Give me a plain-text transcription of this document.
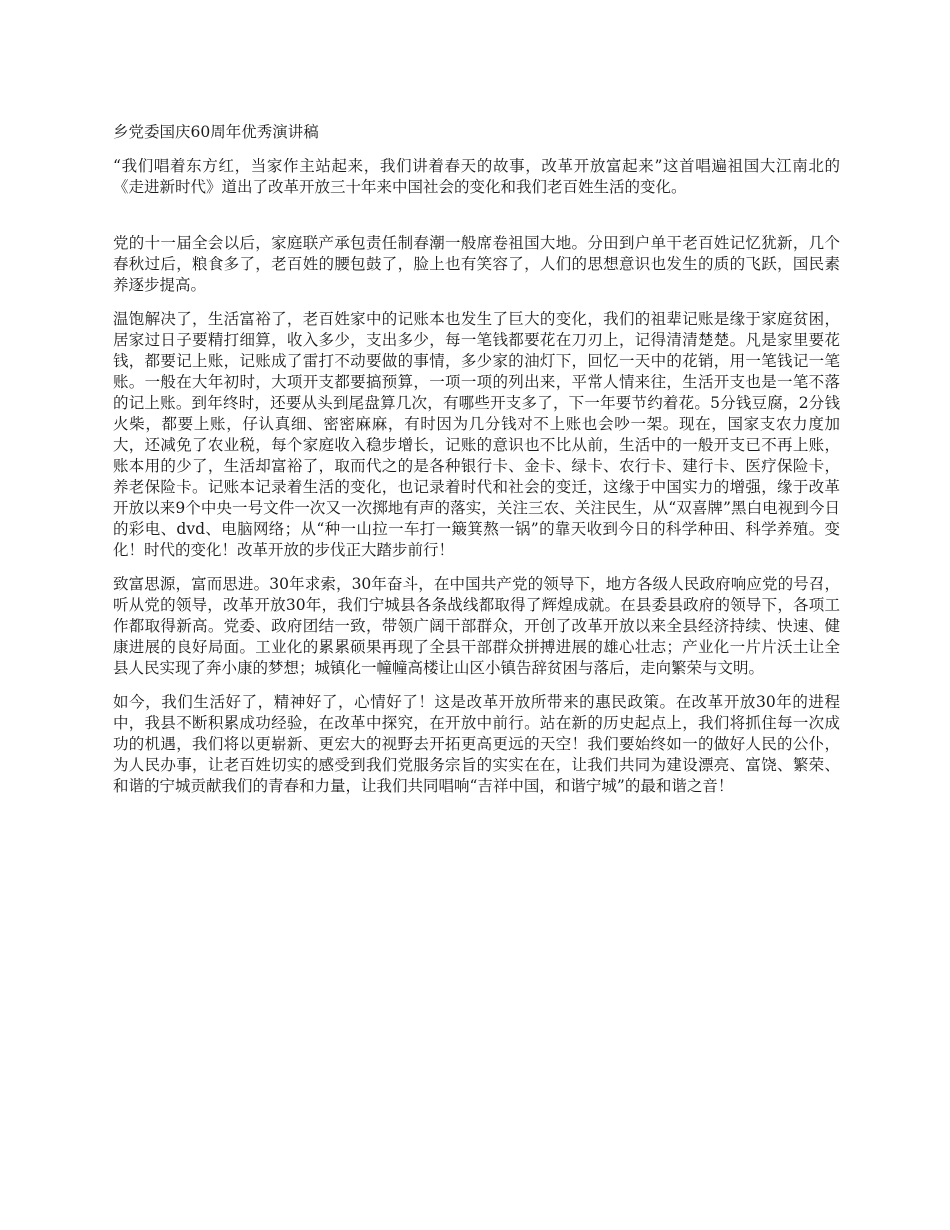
乡党委国庆60周年优秀演讲稿

“我们唱着东方红，当家作主站起来，我们讲着春天的故事，改革开放富起来”这首唱遍祖国大江南北的《走进新时代》道出了改革开放三十年来中国社会的变化和我们老百姓生活的变化。

党的十一届全会以后，家庭联产承包责任制春潮一般席卷祖国大地。分田到户单干老百姓记忆犹新，几个春秋过后，粮食多了，老百姓的腰包鼓了，脸上也有笑容了，人们的思想意识也发生的质的飞跃，国民素养逐步提高。

温饱解决了，生活富裕了，老百姓家中的记账本也发生了巨大的变化，我们的祖辈记账是缘于家庭贫困，居家过日子要精打细算，收入多少，支出多少，每一笔钱都要花在刀刃上，记得清清楚楚。凡是家里要花钱，都要记上账，记账成了雷打不动要做的事情，多少家的油灯下，回忆一天中的花销，用一笔钱记一笔账。一般在大年初时，大项开支都要搞预算，一项一项的列出来，平常人情来往，生活开支也是一笔不落的记上账。到年终时，还要从头到尾盘算几次，有哪些开支多了，下一年要节约着花。5分钱豆腐，2分钱火柴，都要上账，仔认真细、密密麻麻，有时因为几分钱对不上账也会吵一架。现在，国家支农力度加大，还减免了农业税，每个家庭收入稳步增长，记账的意识也不比从前，生活中的一般开支已不再上账，账本用的少了，生活却富裕了，取而代之的是各种银行卡、金卡、绿卡、农行卡、建行卡、医疗保险卡，养老保险卡。记账本记录着生活的变化，也记录着时代和社会的变迁，这缘于中国实力的增强，缘于改革开放以来9个中央一号文件一次又一次掷地有声的落实，关注三农、关注民生，从“双喜牌”黑白电视到今日的彩电、dvd、电脑网络；从“种一山拉一车打一簸箕熬一锅”的靠天收到今日的科学种田、科学养殖。变化！时代的变化！改革开放的步伐正大踏步前行！

致富思源，富而思进。30年求索，30年奋斗，在中国共产党的领导下，地方各级人民政府响应党的号召，听从党的领导，改革开放30年，我们宁城县各条战线都取得了辉煌成就。在县委县政府的领导下，各项工作都取得新高。党委、政府团结一致，带领广阔干部群众，开创了改革开放以来全县经济持续、快速、健康进展的良好局面。工业化的累累硕果再现了全县干部群众拼搏进展的雄心壮志；产业化一片片沃土让全县人民实现了奔小康的梦想；城镇化一幢幢高楼让山区小镇告辞贫困与落后，走向繁荣与文明。

如今，我们生活好了，精神好了，心情好了！这是改革开放所带来的惠民政策。在改革开放30年的进程中，我县不断积累成功经验，在改革中探究，在开放中前行。站在新的历史起点上，我们将抓住每一次成功的机遇，我们将以更崭新、更宏大的视野去开拓更高更远的天空！我们要始终如一的做好人民的公仆，为人民办事，让老百姓切实的感受到我们党服务宗旨的实实在在，让我们共同为建设漂亮、富饶、繁荣、和谐的宁城贡献我们的青春和力量，让我们共同唱响“吉祥中国，和谐宁城”的最和谐之音！
